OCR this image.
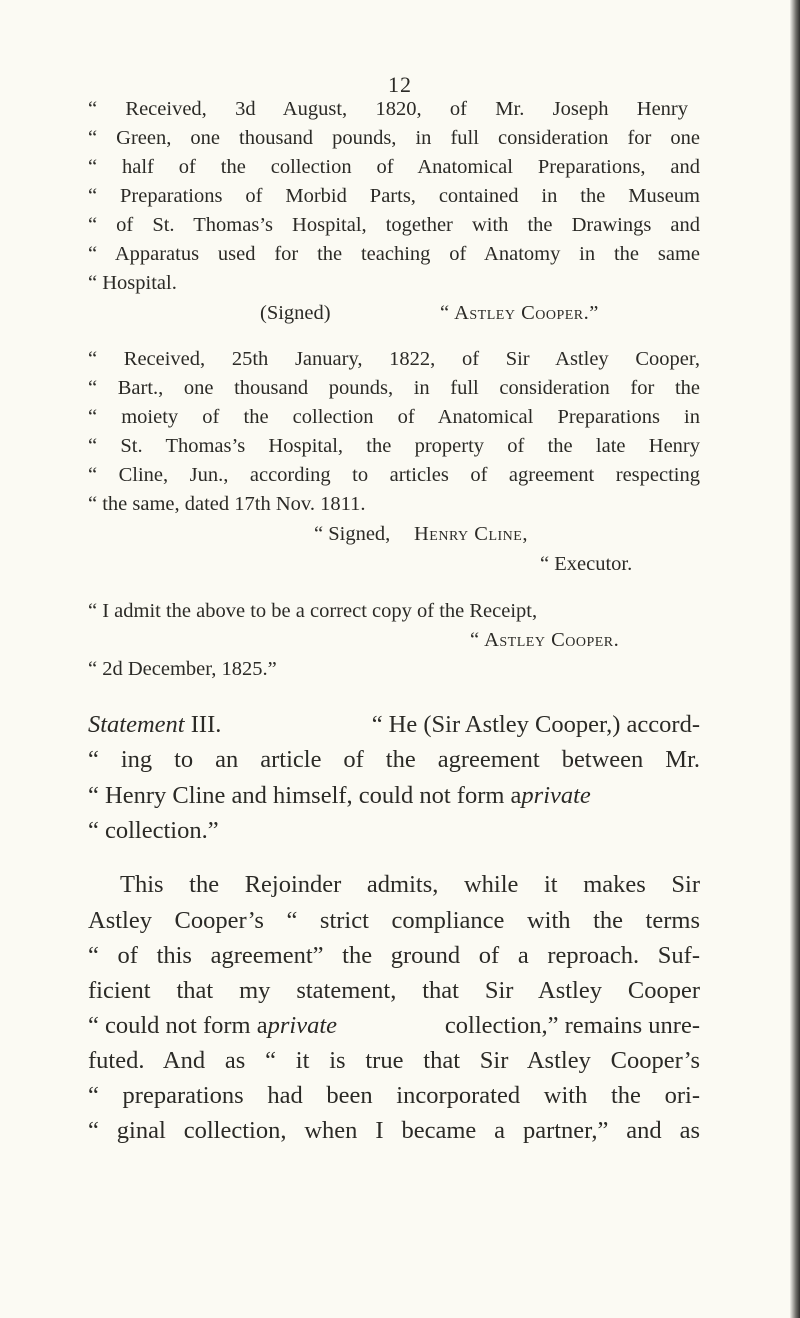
12
“ Received, 3d August, 1820, of Mr. Joseph Henry
“ Green, one thousand pounds, in full consideration for one
“ half of the collection of Anatomical Preparations, and
“ Preparations of Morbid Parts, contained in the Museum
“ of St. Thomas’s Hospital, together with the Drawings and
“ Apparatus used for the teaching of Anatomy in the same
“ Hospital.
(Signed)	“ Astley Cooper.”
“ Received, 25th January, 1822, of Sir Astley Cooper,
“ Bart., one thousand pounds, in full consideration for the
“ moiety of the collection of Anatomical Preparations in
“ St. Thomas’s Hospital, the property of the late Henry
“ Cline, Jun., according to articles of agreement respecting
“ the same, dated 17th Nov. 1811.
“ Signed, Henry Cline,
“ Executor.
“ I admit the above to be a correct copy of the Receipt,
“ Astley Cooper.
“ 2d December, 1825.”
Statement III.	“ He (Sir Astley Cooper,) accord-
“ ing to an article of the agreement between Mr.
“ Henry Cline and himself, could not form aprivate
“ collection.”
This the Rejoinder admits, while it makes Sir
Astley Cooper’s “ strict compliance with the terms
“ of this agreement” the ground of a reproach. Suf-
ficient that my statement, that Sir Astley Cooper
“ could not form aprivate	collection,” remains unre-
futed. And as “ it is true that Sir Astley Cooper’s
“ preparations had been incorporated with the ori-
“ ginal collection, when I became a partner,” and as
